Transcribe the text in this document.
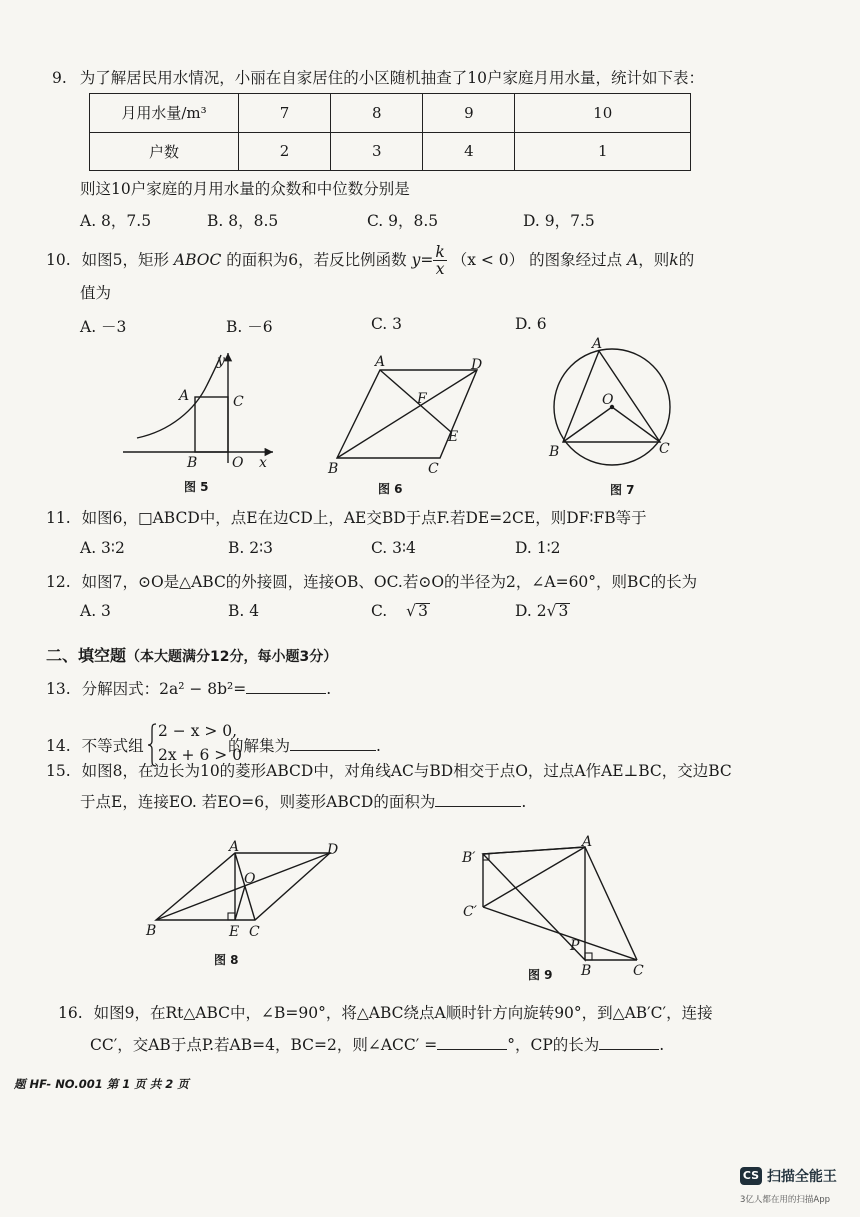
9. 为了解居民用水情况，小丽在自家居住的小区随机抽查了10户家庭月用水量，统计如下表：
月用水量/m³	7	8	9	10
户数	2	3	4	1
则这10户家庭的月用水量的众数和中位数分别是
A. 8，7.5	B. 8，8.5	C. 9，8.5	D. 9，7.5
10. 如图5，矩形 ABOC 的面积为6，若反比例函数 $y= \frac{k}{x} (x < 0)$ 的图象经过点 A，则k的
值为
A. －3	B. －6	C. 3	D. 6
y
A	C
B O x
图 5
A	D
F
E
B	C
图 6
A
O
B	C
图 7
11. 如图6，□ABCD中，点E在边CD上，AE交BD于点F.若DE=2CE，则DF∶FB等于
A. 3∶2	B. 2∶3	C. 3∶4	D. 1∶2
12. 如图7，⊙O是△ABC的外接圆，连接OB、OC.若⊙O的半径为2，∠A=60°，则BC的长为
A. 3	B. 4	C. √ 3	D. 2√ 3
二、填空题（本大题满分12分，每小题3分）
13. 分解因式：2a² − 8b²=	.
14. 不等式组
2 − x > 0,
2x + 6 > 0
的解集为	.
15. 如图8，在边长为10的菱形ABCD中，对角线AC与BD相交于点O，过点A作AE⊥BC，交边BC
于点E，连接EO. 若EO=6，则菱形ABCD的面积为	.
A	D
O
B	E C
图 8
B′
A
C′
P
B	C
图 9
16. 如图9，在Rt△ABC中，∠B=90°，将△ABC绕点A顺时针方向旋转90°，到△AB′C′，连接
CC′，交AB于点P.若AB=4，BC=2，则∠ACC′ =	°，CP的长为	.
题 HF- NO.001 第 1 页 共 2 页
CS 扫描全能王
3亿人都在用的扫描App
